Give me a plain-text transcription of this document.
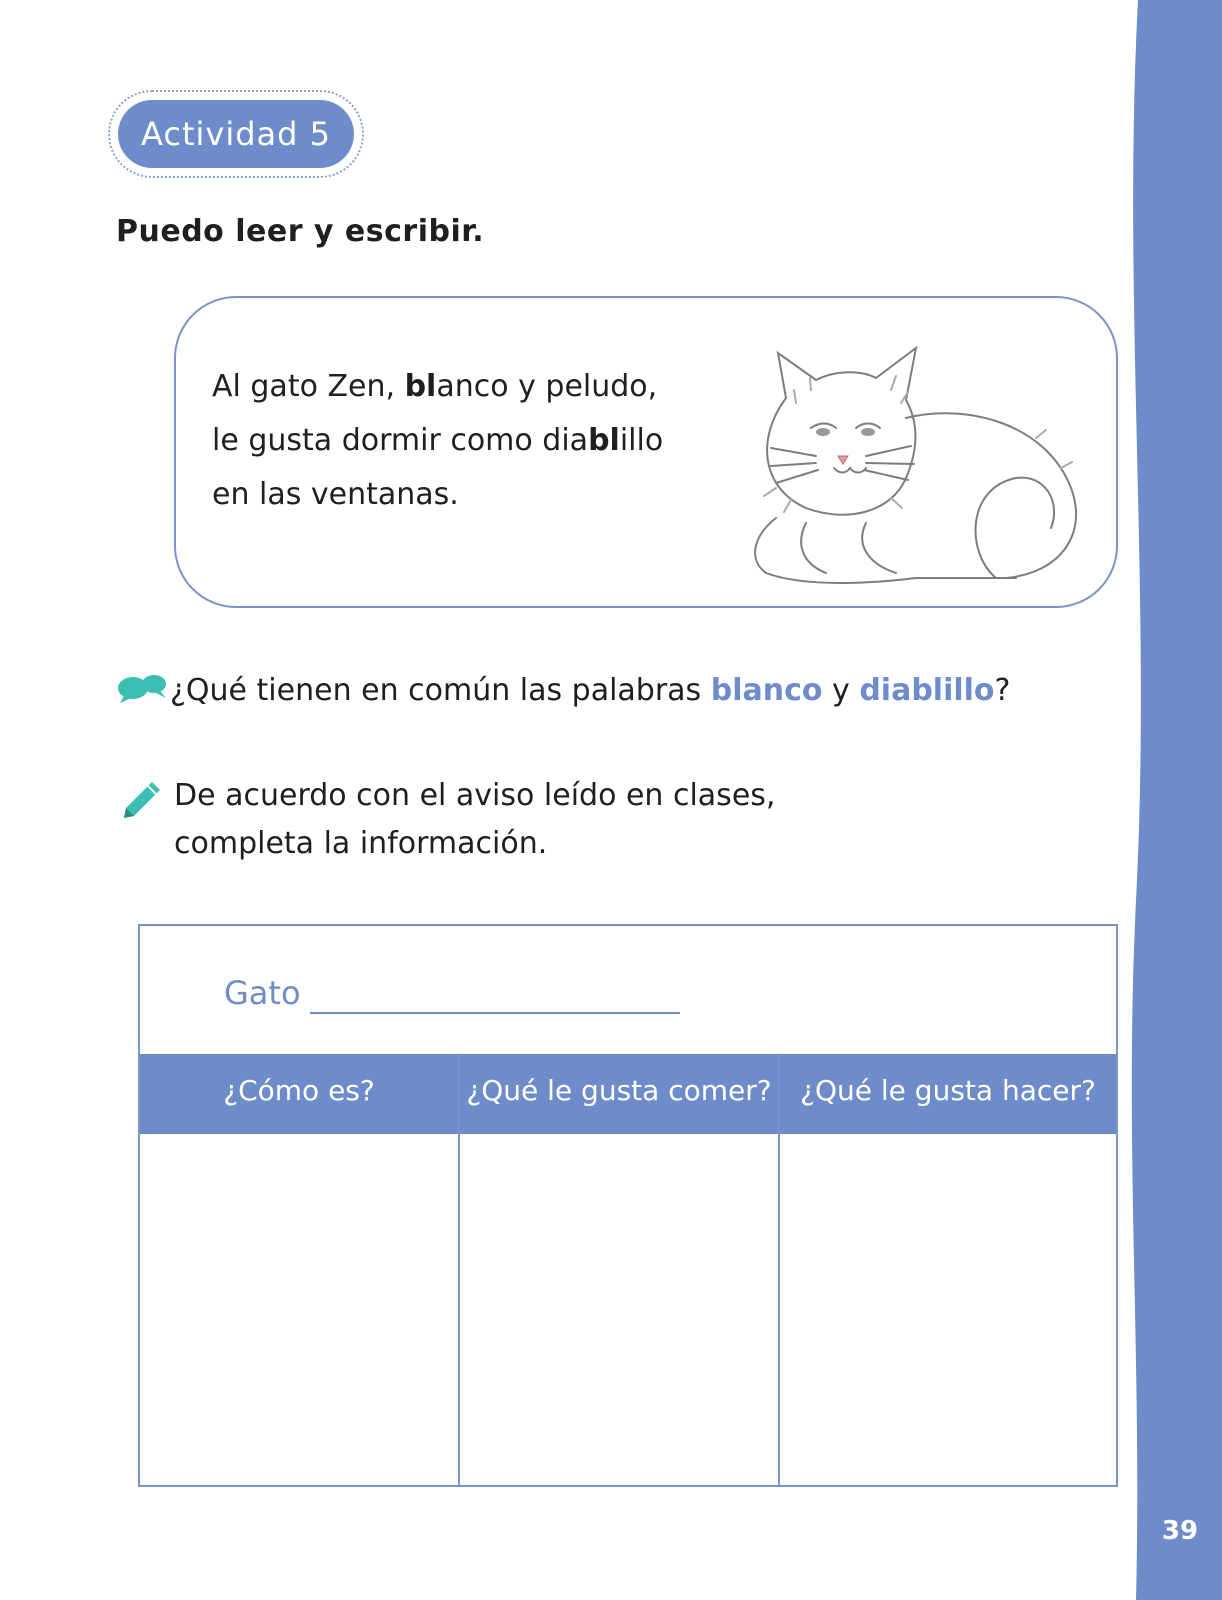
39
Actividad 5
Puedo leer y escribir.
Al gato Zen, blanco y peludo,
le gusta dormir como diablillo
en las ventanas.
¿Qué tienen en común las palabras blanco y diablillo?
De acuerdo con el aviso leído en clases,
completa la información.
Gato
¿Cómo es?	¿Qué le gusta comer?	¿Qué le gusta hacer?
